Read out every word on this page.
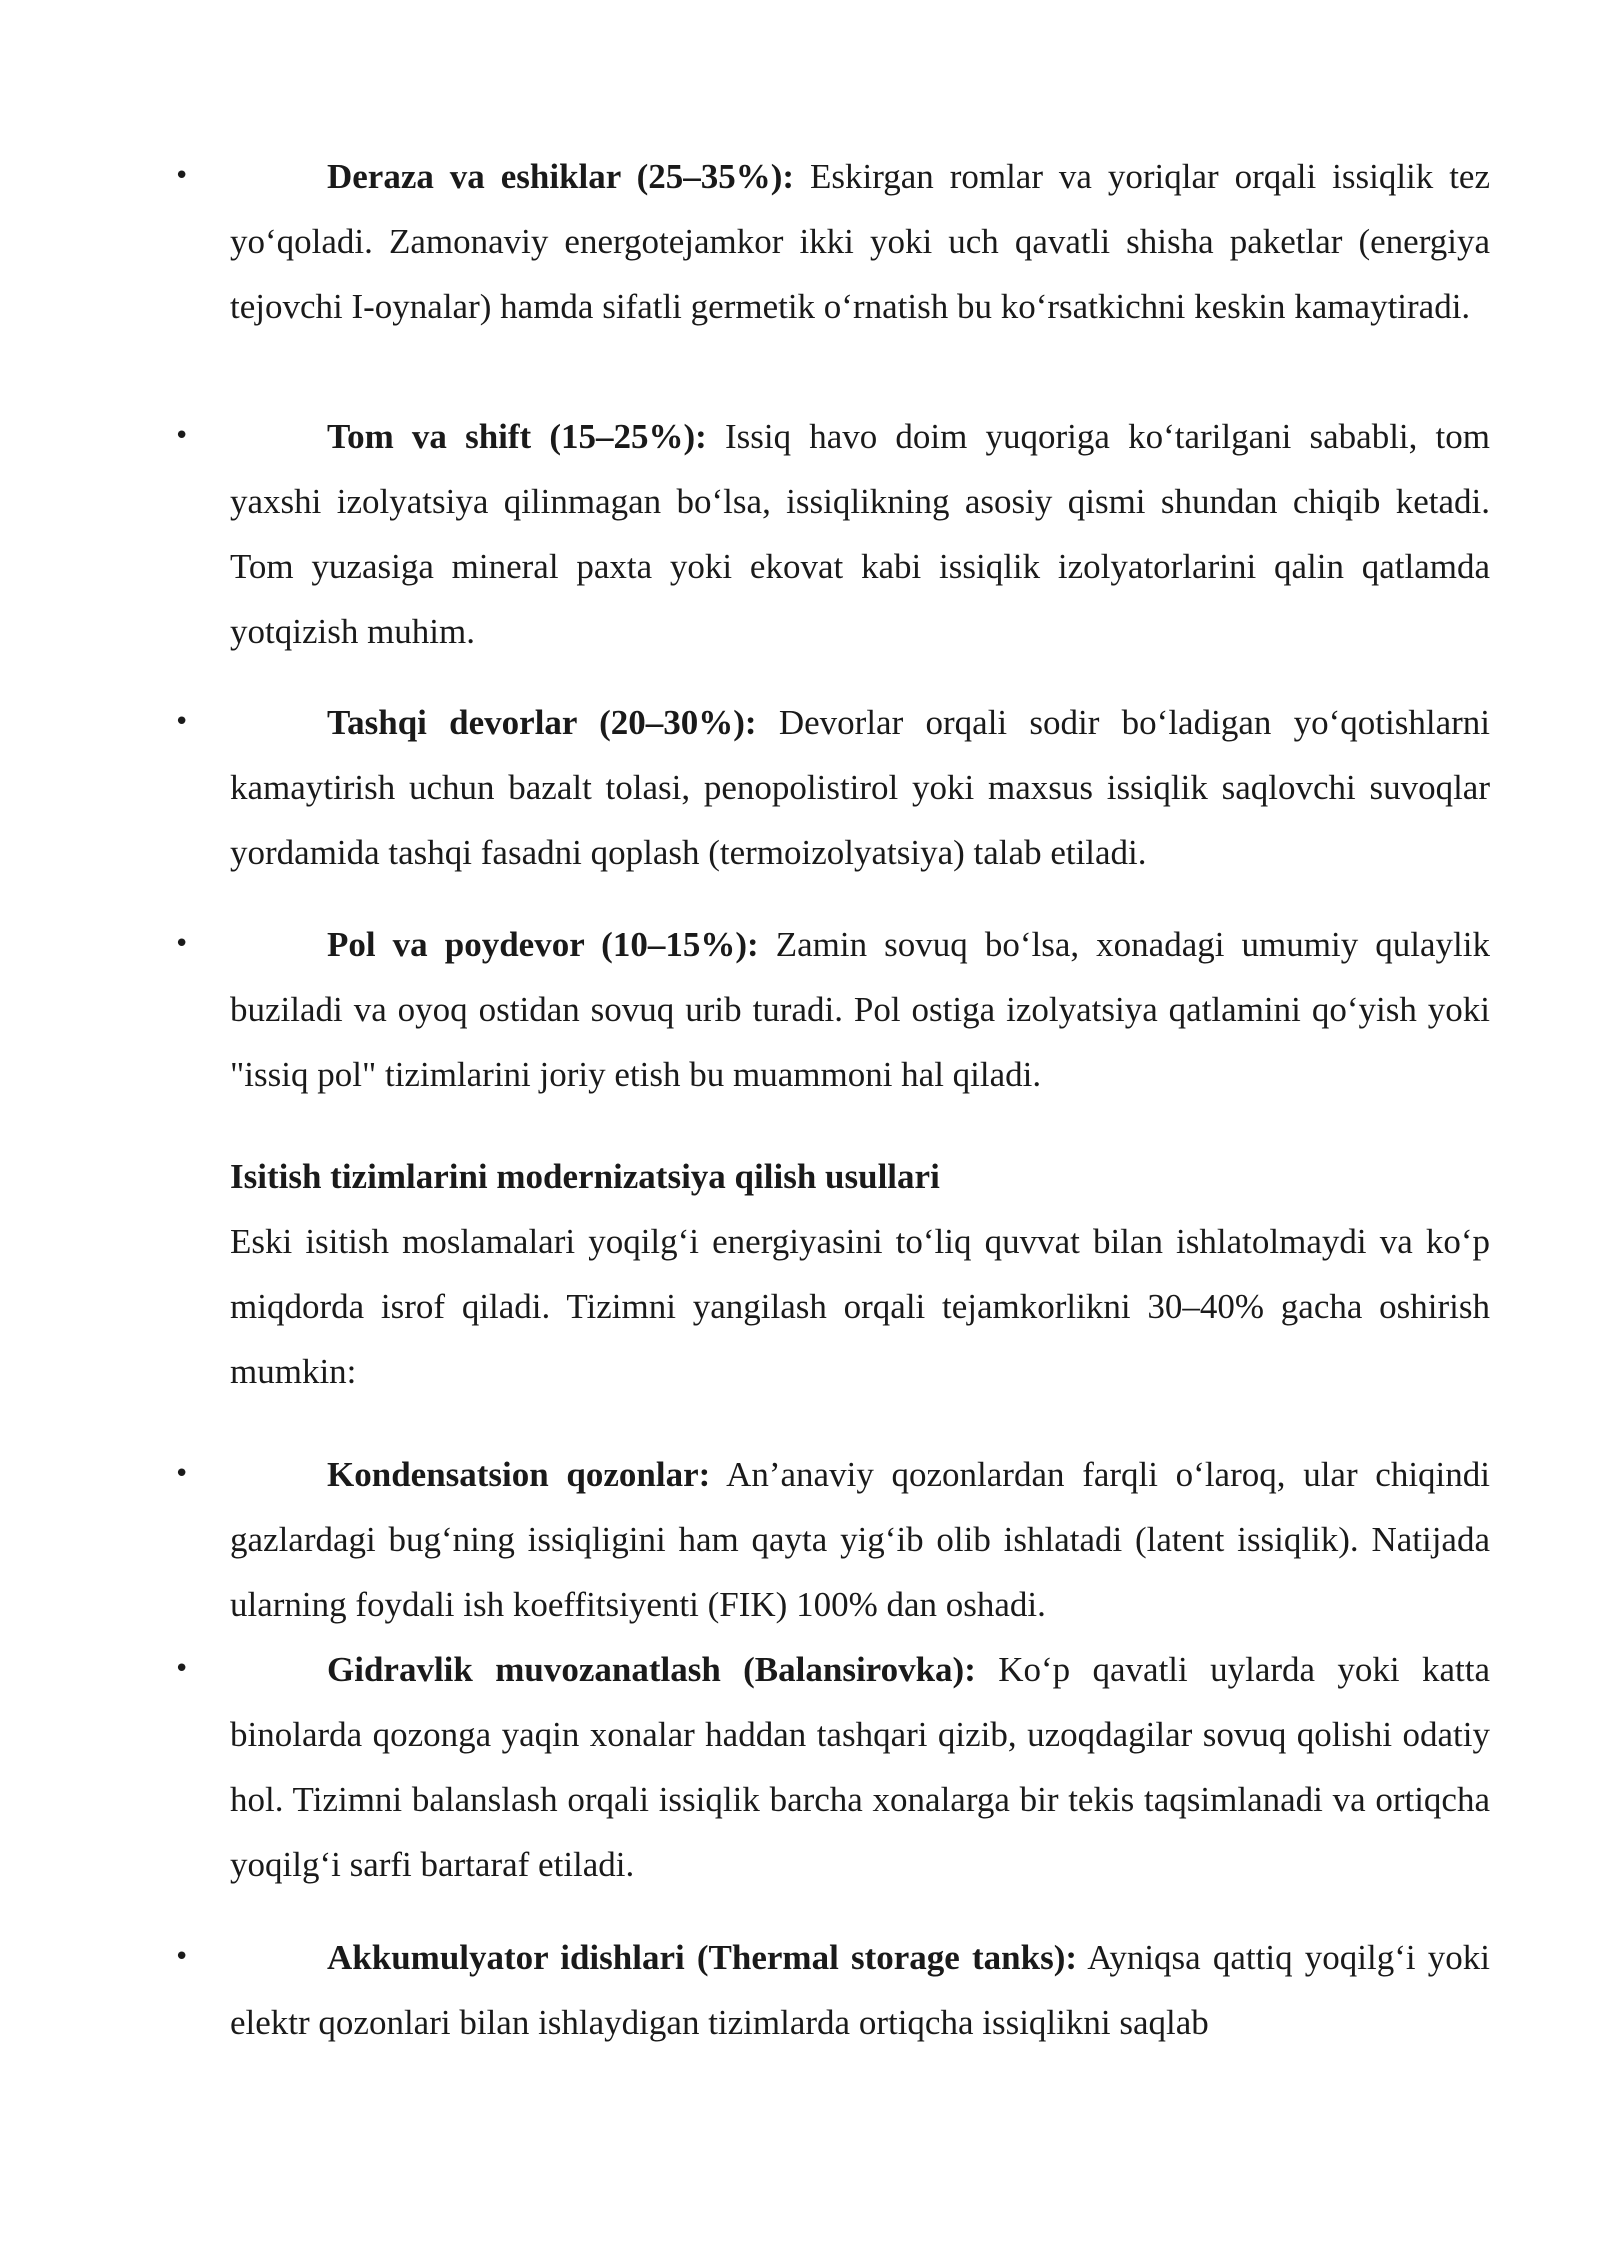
•	Deraza va eshiklar (25–35%): Eskirgan romlar va yoriqlar orqali issiqlik tez yo‘qoladi. Zamonaviy energotejamkor ikki yoki uch qavatli shisha paketlar (energiya tejovchi I-oynalar) hamda sifatli germetik o‘rnatish bu ko‘rsatkichni keskin kamaytiradi.
•	Tom va shift (15–25%): Issiq havo doim yuqoriga ko‘tarilgani sababli, tom yaxshi izolyatsiya qilinmagan bo‘lsa, issiqlikning asosiy qismi shundan chiqib ketadi. Tom yuzasiga mineral paxta yoki ekovat kabi issiqlik izolyatorlarini qalin qatlamda yotqizish muhim.
•	Tashqi devorlar (20–30%): Devorlar orqali sodir bo‘ladigan yo‘qotishlarni kamaytirish uchun bazalt tolasi, penopolistirol yoki maxsus issiqlik saqlovchi suvoqlar yordamida tashqi fasadni qoplash (termoizolyatsiya) talab etiladi.
•	Pol va poydevor (10–15%): Zamin sovuq bo‘lsa, xonadagi umumiy qulaylik buziladi va oyoq ostidan sovuq urib turadi. Pol ostiga izolyatsiya qatlamini qo‘yish yoki "issiq pol" tizimlarini joriy etish bu muammoni hal qiladi.
Isitish tizimlarini modernizatsiya qilish usullari
Eski isitish moslamalari yoqilg‘i energiyasini to‘liq quvvat bilan ishlatolmaydi va ko‘p miqdorda isrof qiladi. Tizimni yangilash orqali tejamkorlikni 30–40% gacha oshirish mumkin:
•	Kondensatsion qozonlar: An’anaviy qozonlardan farqli o‘laroq, ular chiqindi gazlardagi bug‘ning issiqligini ham qayta yig‘ib olib ishlatadi (latent issiqlik). Natijada ularning foydali ish koeffitsiyenti (FIK) 100% dan oshadi.
•	Gidravlik muvozanatlash (Balansirovka): Ko‘p qavatli uylarda yoki katta binolarda qozonga yaqin xonalar haddan tashqari qizib, uzoqdagilar sovuq qolishi odatiy hol. Tizimni balanslash orqali issiqlik barcha xonalarga bir tekis taqsimlanadi va ortiqcha yoqilg‘i sarfi bartaraf etiladi.
•	Akkumulyator idishlari (Thermal storage tanks): Ayniqsa qattiq yoqilg‘i yoki elektr qozonlari bilan ishlaydigan tizimlarda ortiqcha issiqlikni saqlab
